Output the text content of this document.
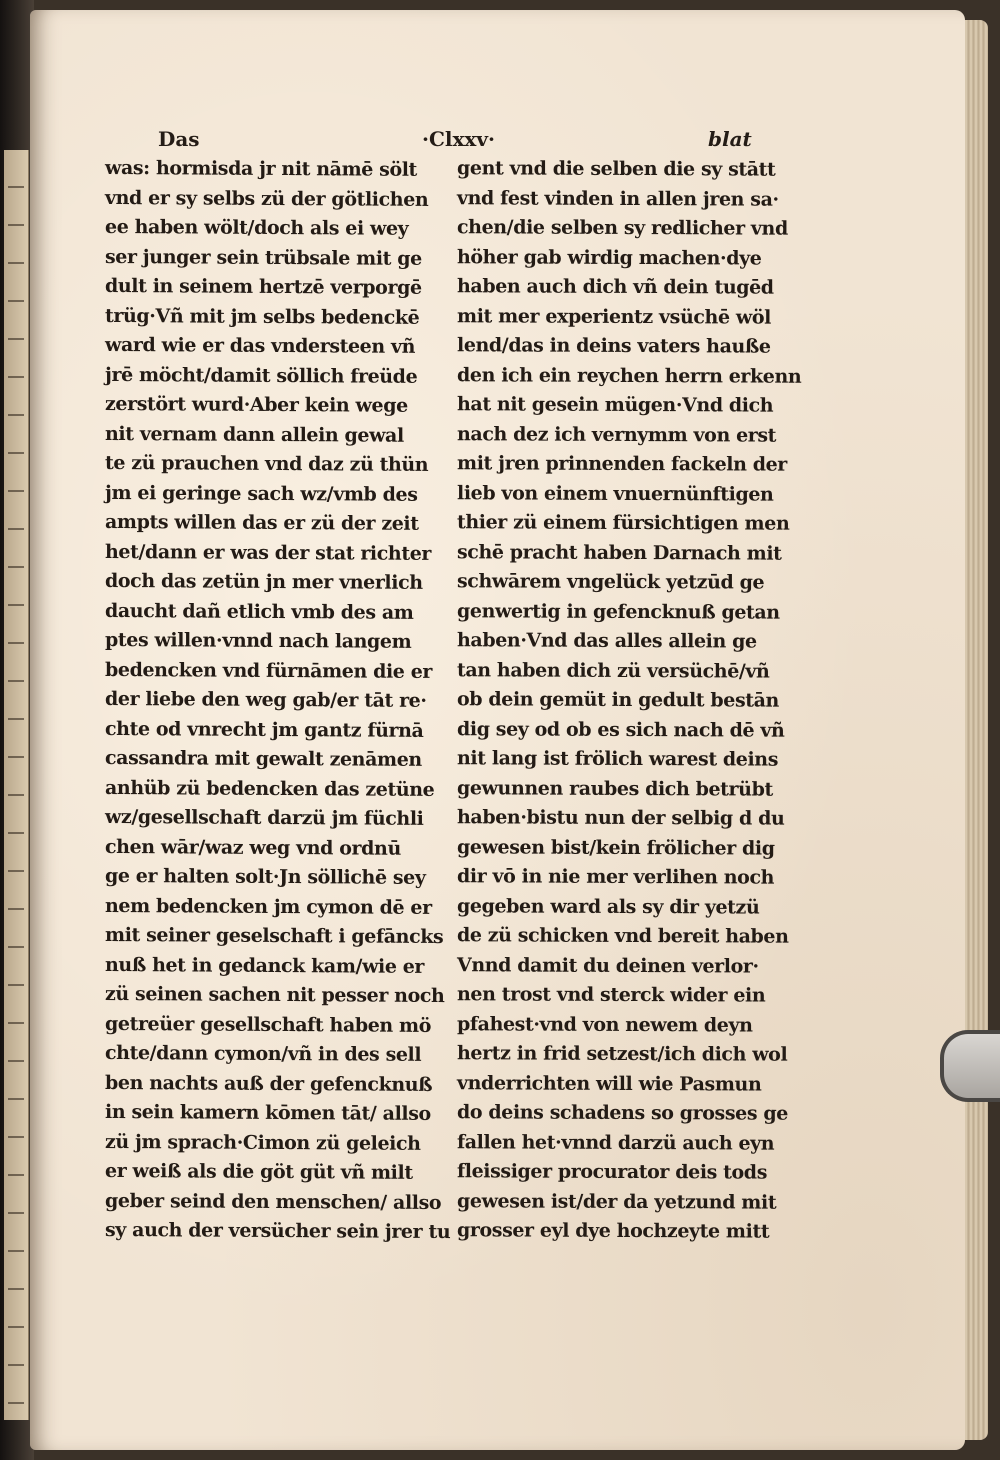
Das	·Clxxv·	blat
was: hormisda jr nit nāmē sölt
vnd er sy selbs zü der götlichen
ee haben wölt/doch als ei wey
ser junger sein trübsale mit ge
dult in seinem hertzē verporgē
trüg·Vñ mit jm selbs bedenckē
ward wie er das vndersteen vñ
jrē möcht/damit söllich freüde
zerstört wurd·Aber kein wege
nit vernam dann allein gewal
te zü prauchen vnd daz zü thün
jm ei geringe sach wz/vmb des
ampts willen das er zü der zeit
het/dann er was der stat richter
doch das zetün jn mer vnerlich
daucht dañ etlich vmb des am
ptes willen·vnnd nach langem
bedencken vnd fürnāmen die er
der liebe den weg gab/er tāt re·
chte od vnrecht jm gantz fürnā
cassandra mit gewalt zenāmen
anhüb zü bedencken das zetüne
wz/gesellschaft darzü jm füchli
chen wār/waz weg vnd ordnū
ge er halten solt·Jn söllichē sey
nem bedencken jm cymon dē er
mit seiner geselschaft i gefāncks
nuß het in gedanck kam/wie er
zü seinen sachen nit pesser noch
getreüer gesellschaft haben mö
chte/dann cymon/vñ in des sell
ben nachts auß der gefencknuß
in sein kamern kōmen tāt/ allso
zü jm sprach·Cimon zü geleich
er weiß als die göt güt vñ milt
geber seind den menschen/ allso
sy auch der versücher sein jrer tu
gent vnd die selben die sy stātt
vnd fest vinden in allen jren sa·
chen/die selben sy redlicher vnd
höher gab wirdig machen·dye
haben auch dich vñ dein tugēd
mit mer experientz vsüchē wöl
lend/das in deins vaters hauße
den ich ein reychen herrn erkenn
hat nit gesein mügen·Vnd dich
nach dez ich vernymm von erst
mit jren prinnenden fackeln der
lieb von einem vnuernünftigen
thier zü einem fürsichtigen men
schē pracht haben Darnach mit
schwārem vngelück yetzūd ge
genwertig in gefencknuß getan
haben·Vnd das alles allein ge
tan haben dich zü versüchē/vñ
ob dein gemüt in gedult bestān
dig sey od ob es sich nach dē vñ
nit lang ist frölich warest deins
gewunnen raubes dich betrübt
haben·bistu nun der selbig d du
gewesen bist/kein frölicher dig
dir vō in nie mer verlihen noch
gegeben ward als sy dir yetzü
de zü schicken vnd bereit haben
Vnnd damit du deinen verlor·
nen trost vnd sterck wider ein
pfahest·vnd von newem deyn
hertz in frid setzest/ich dich wol
vnderrichten will wie Pasmun
do deins schadens so grosses ge
fallen het·vnnd darzü auch eyn
fleissiger procurator deis tods
gewesen ist/der da yetzund mit
grosser eyl dye hochzeyte mitt
